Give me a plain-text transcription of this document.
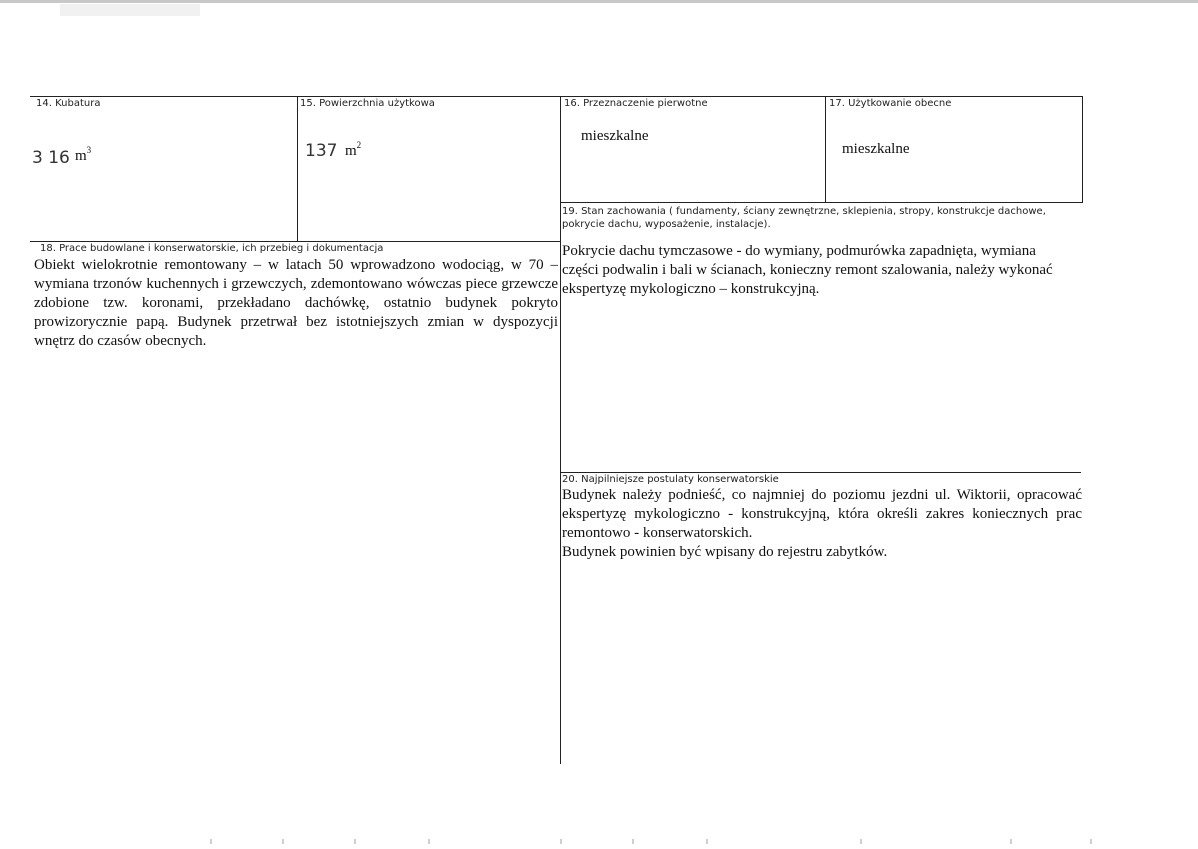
14. Kubatura
3 16 $m^3$
15. Powierzchnia użytkowa
137 $m^2$
16. Przeznaczenie pierwotne
mieszkalne
17. Użytkowanie obecne
mieszkalne
19. Stan zachowania ( fundamenty, ściany zewnętrzne, sklepienia, stropy, konstrukcje dachowe, pokrycie dachu, wyposażenie, instalacje).
Pokrycie dachu tymczasowe - do wymiany, podmurówka zapadnięta, wymiana części podwalin i bali w ścianach, konieczny remont szalowania, należy wykonać ekspertyzę mykologiczno – konstrukcyjną.
18. Prace budowlane i konserwatorskie, ich przebieg i dokumentacja
Obiekt wielokrotnie remontowany – w latach 50 wprowadzono wodociąg, w 70 – wymiana trzonów kuchennych i grzewczych, zdemontowano wówczas piece grzewcze zdobione tzw. koronami, przekładano dachówkę, ostatnio budynek pokryto prowizorycznie papą. Budynek przetrwał bez istotniejszych zmian w dyspozycji wnętrz do czasów obecnych.
20. Najpilniejsze postulaty konserwatorskie

Budynek należy podnieść, co najmniej do poziomu jezdni ul. Wiktorii, opracować ekspertyzę mykologiczno - konstrukcyjną, która określi zakres koniecznych prac remontowo - konserwatorskich.

Budynek powinien być wpisany do rejestru zabytków.
